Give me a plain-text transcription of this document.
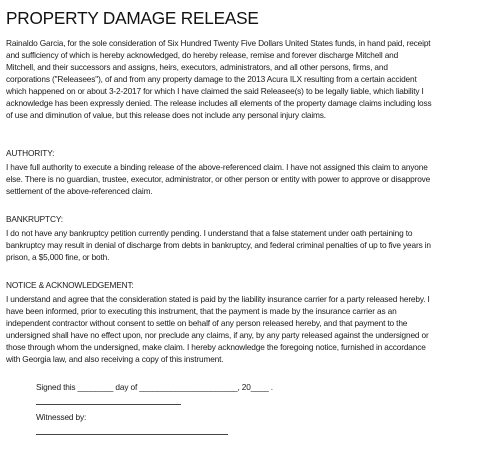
PROPERTY DAMAGE RELEASE
Rainaldo Garcia, for the sole consideration of Six Hundred Twenty Five Dollars United States funds, in hand paid, receipt
and sufficiency of which is hereby acknowledged, do hereby release, remise and forever discharge Mitchell and
Mitchell, and their successors and assigns, heirs, executors, administrators, and all other persons, firms, and
corporations ("Releasees"), of and from any property damage to the 2013 Acura ILX resulting from a certain accident
which happened on or about 3-2-2017 for which I have claimed the said Releasee(s) to be legally liable, which liability I
acknowledge has been expressly denied. The release includes all elements of the property damage claims including loss
of use and diminution of value, but this release does not include any personal injury claims.
AUTHORITY:
I have full authority to execute a binding release of the above-referenced claim. I have not assigned this claim to anyone
else. There is no guardian, trustee, executor, administrator, or other person or entity with power to approve or disapprove
settlement of the above-referenced claim.
BANKRUPTCY:
I do not have any bankruptcy petition currently pending. I understand that a false statement under oath pertaining to
bankruptcy may result in denial of discharge from debts in bankruptcy, and federal criminal penalties of up to five years in
prison, a $5,000 fine, or both.
NOTICE & ACKNOWLEDGEMENT:
I understand and agree that the consideration stated is paid by the liability insurance carrier for a party released hereby. I
have been informed, prior to executing this instrument, that the payment is made by the insurance carrier as an
independent contractor without consent to settle on behalf of any person released hereby, and that payment to the
undersigned shall have no effect upon, nor preclude any claims, if any, by any party released against the undersigned or
those through whom the undersigned, make claim. I hereby acknowledge the foregoing notice, furnished in accordance
with Georgia law, and also receiving a copy of this instrument.
Signed this ________ day of ______________________, 20____ .
Witnessed by:
